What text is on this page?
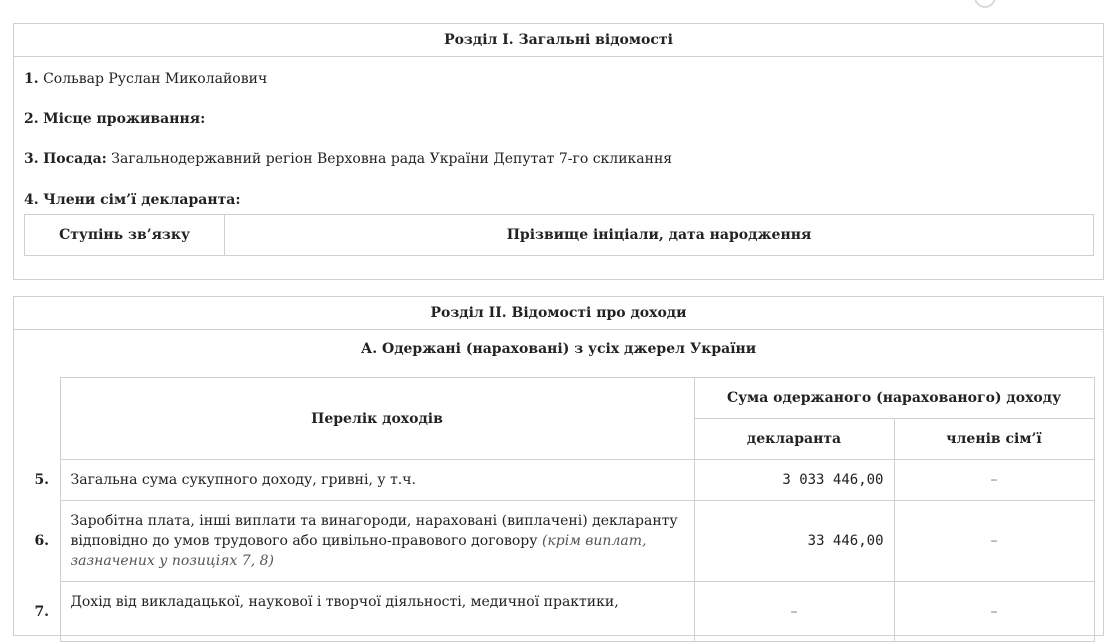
Розділ І. Загальні відомості
1. Сольвар Руслан Миколайович
2. Місце проживання:
3. Посада: Загальнодержавний регіон Верховна рада України Депутат 7-го скликання
4. Члени сім’ї декларанта:
Ступінь зв’язку	Прізвище ініціали, дата народження
Розділ ІІ. Відомості про доходи
А. Одержані (нараховані) з усіх джерел України
	Перелік доходів	Сума одержаного (нарахованого) доходу	
		декларанта	членів сім’ї
5.	Загальна сума сукупного доходу, гривні, у т.ч.	3 033 446,00	–
6.	Заробітна плата, інші виплати та винагороди, нараховані (виплачені) декларанту відповідно до умов трудового або цивільно-правового договору (крім виплат, зазначених у позиціях 7, 8)	33 446,00	–
7.	Дохід від викладацької, наукової і творчої діяльності, медичної практики,	–	–
